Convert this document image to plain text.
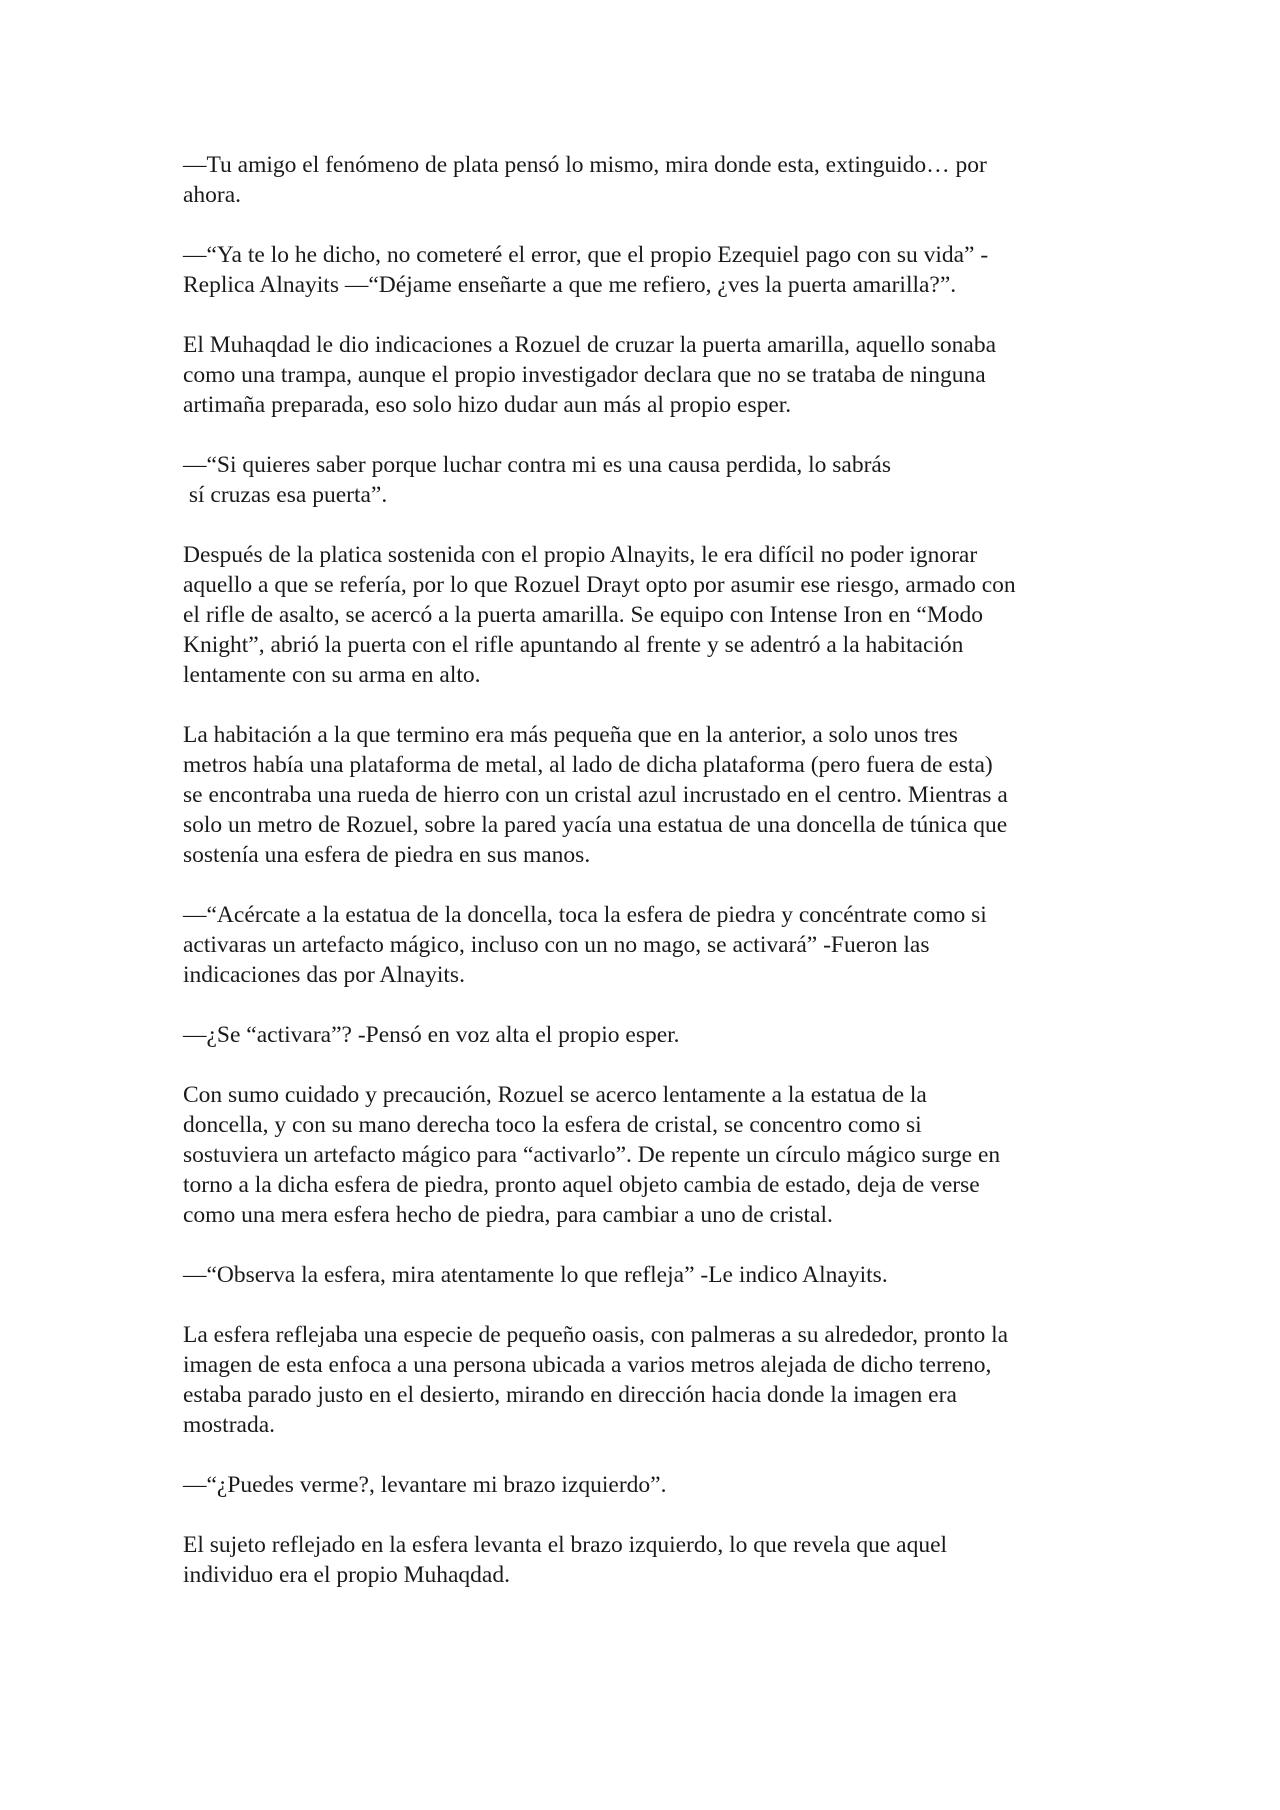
—Tu amigo el fenómeno de plata pensó lo mismo, mira donde esta, extinguido… por
ahora.

—“Ya te lo he dicho, no cometeré el error, que el propio Ezequiel pago con su vida” -
Replica Alnayits —“Déjame enseñarte a que me refiero, ¿ves la puerta amarilla?”.

El Muhaqdad le dio indicaciones a Rozuel de cruzar la puerta amarilla, aquello sonaba
como una trampa, aunque el propio investigador declara que no se trataba de ninguna
artimaña preparada, eso solo hizo dudar aun más al propio esper.

—“Si quieres saber porque luchar contra mi es una causa perdida, lo sabrás
sí cruzas esa puerta”.

Después de la platica sostenida con el propio Alnayits, le era difícil no poder ignorar
aquello a que se refería, por lo que Rozuel Drayt opto por asumir ese riesgo, armado con
el rifle de asalto, se acercó a la puerta amarilla. Se equipo con Intense Iron en “Modo
Knight”, abrió la puerta con el rifle apuntando al frente y se adentró a la habitación
lentamente con su arma en alto.

La habitación a la que termino era más pequeña que en la anterior, a solo unos tres
metros había una plataforma de metal, al lado de dicha plataforma (pero fuera de esta)
se encontraba una rueda de hierro con un cristal azul incrustado en el centro. Mientras a
solo un metro de Rozuel, sobre la pared yacía una estatua de una doncella de túnica que
sostenía una esfera de piedra en sus manos.

—“Acércate a la estatua de la doncella, toca la esfera de piedra y concéntrate como si
activaras un artefacto mágico, incluso con un no mago, se activará” -Fueron las
indicaciones das por Alnayits.

—¿Se “activara”? -Pensó en voz alta el propio esper.

Con sumo cuidado y precaución, Rozuel se acerco lentamente a la estatua de la
doncella, y con su mano derecha toco la esfera de cristal, se concentro como si
sostuviera un artefacto mágico para “activarlo”. De repente un círculo mágico surge en
torno a la dicha esfera de piedra, pronto aquel objeto cambia de estado, deja de verse
como una mera esfera hecho de piedra, para cambiar a uno de cristal.

—“Observa la esfera, mira atentamente lo que refleja” -Le indico Alnayits.

La esfera reflejaba una especie de pequeño oasis, con palmeras a su alrededor, pronto la
imagen de esta enfoca a una persona ubicada a varios metros alejada de dicho terreno,
estaba parado justo en el desierto, mirando en dirección hacia donde la imagen era
mostrada.

—“¿Puedes verme?, levantare mi brazo izquierdo”.

El sujeto reflejado en la esfera levanta el brazo izquierdo, lo que revela que aquel
individuo era el propio Muhaqdad.
